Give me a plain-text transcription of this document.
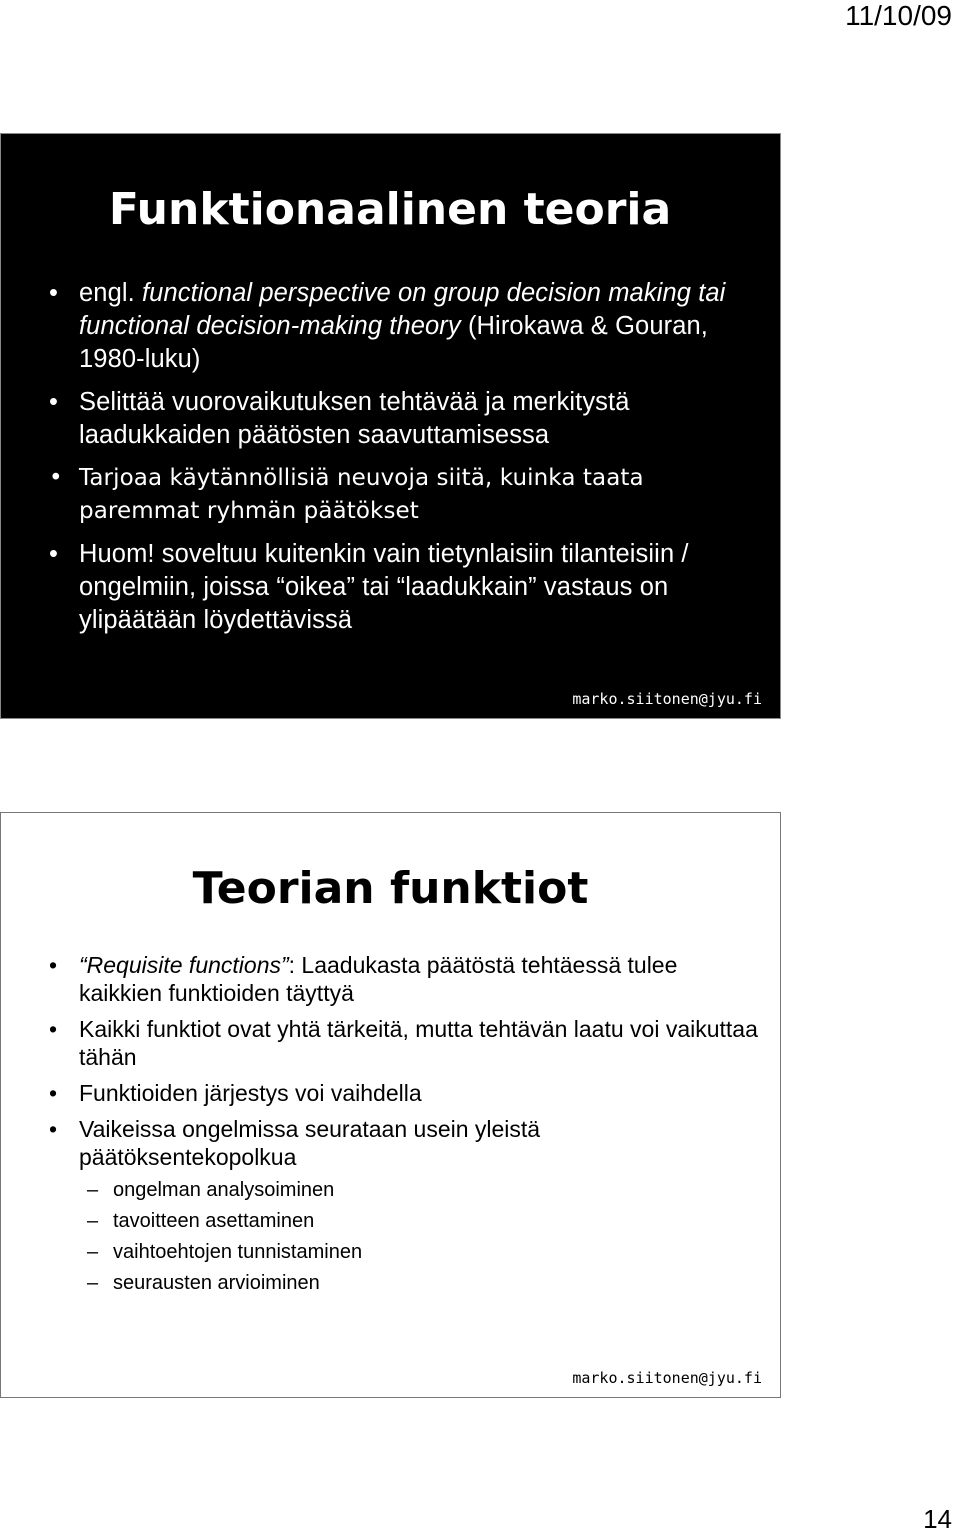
11/10/09
Funktionaalinen teoria
• engl. functional perspective on group decision making tai functional decision-making theory (Hirokawa & Gouran, 1980-luku)
• Selittää vuorovaikutuksen tehtävää ja merkitystä laadukkaiden päätösten saavuttamisessa
• Tarjoaa käytännöllisiä neuvoja siitä, kuinka taata paremmat ryhmän päätökset
• Huom! soveltuu kuitenkin vain tietynlaisiin tilanteisiin / ongelmiin, joissa “oikea” tai “laadukkain” vastaus on ylipäätään löydettävissä
marko.siitonen@jyu.fi
Teorian funktiot
• “Requisite functions”: Laadukasta päätöstä tehtäessä tulee kaikkien funktioiden täyttyä
• Kaikki funktiot ovat yhtä tärkeitä, mutta tehtävän laatu voi vaikuttaa tähän
• Funktioiden järjestys voi vaihdella
• Vaikeissa ongelmissa seurataan usein yleistä päätöksentekopolkua
– ongelman analysoiminen
– tavoitteen asettaminen
– vaihtoehtojen tunnistaminen
– seurausten arvioiminen
marko.siitonen@jyu.fi
14
